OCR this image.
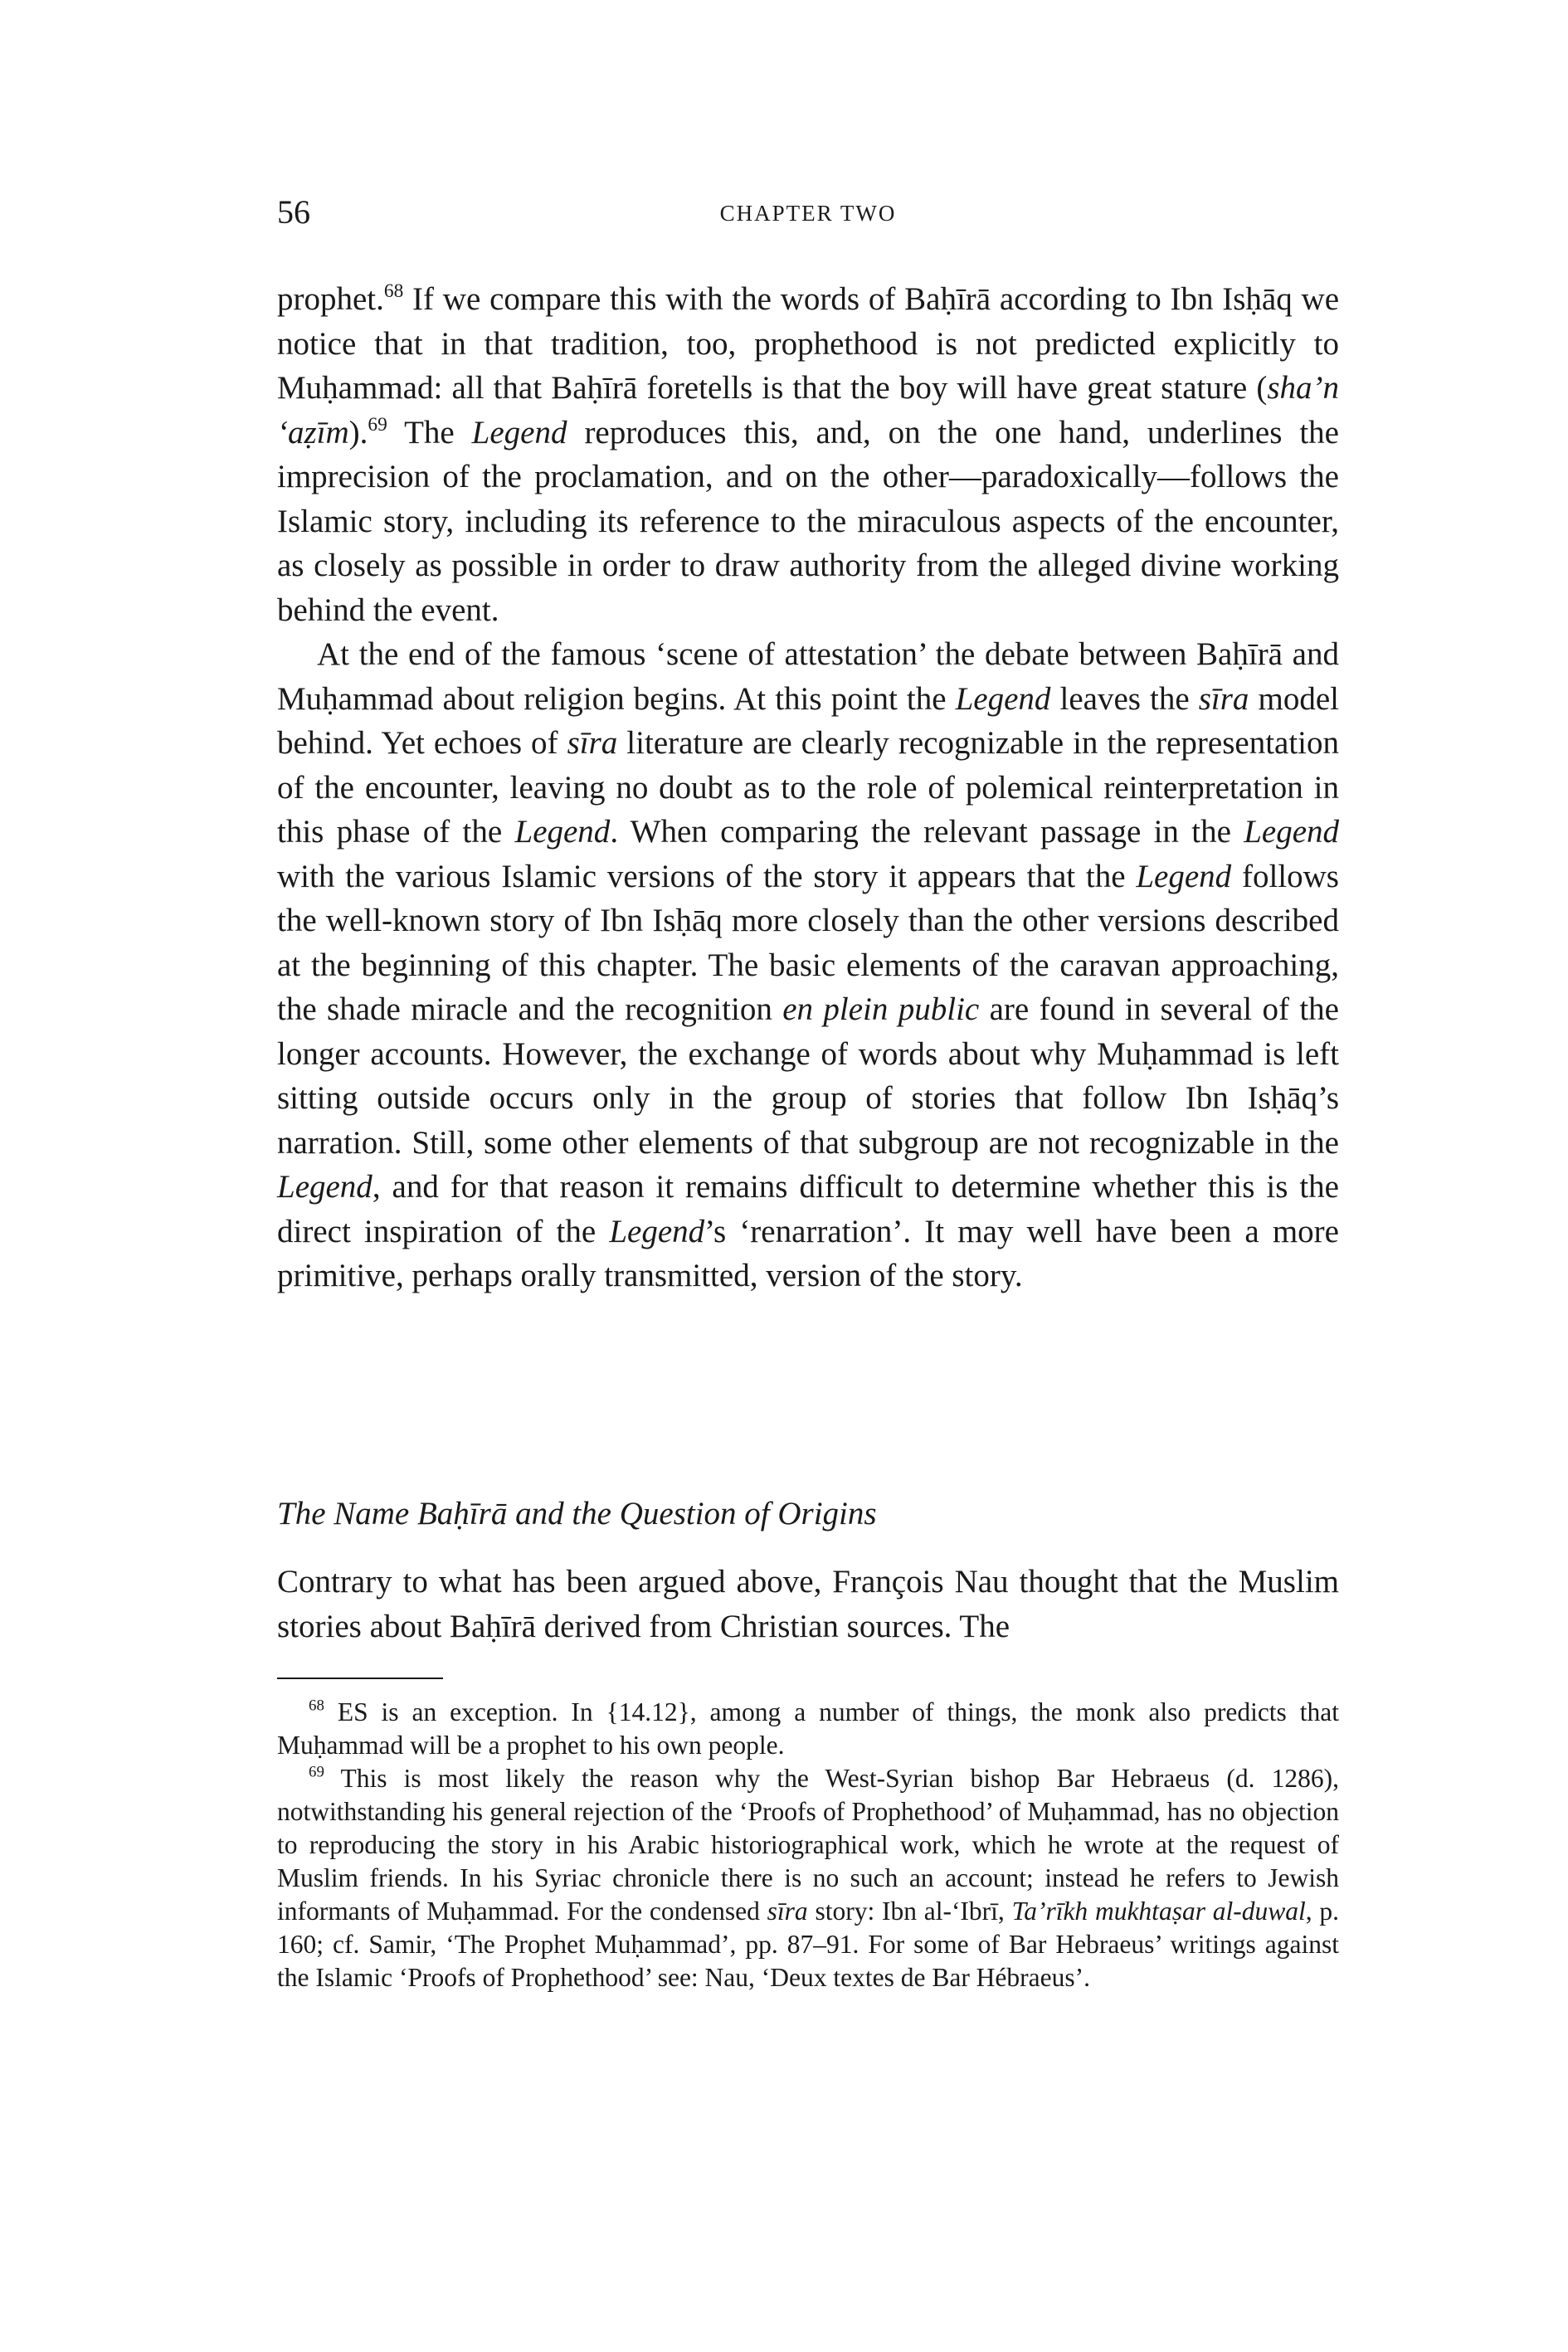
56	CHAPTER TWO

prophet.$^{68}$ If we compare this with the words of Baḥīrā according to Ibn Isḥāq we notice that in that tradition, too, prophethood is not predicted explicitly to Muḥammad: all that Baḥīrā foretells is that the boy will have great stature (sha’n ‘aẓīm).$^{69}$ The Legend reproduces this, and, on the one hand, underlines the imprecision of the proclamation, and on the other—paradoxically—follows the Islamic story, including its reference to the miraculous aspects of the encounter, as closely as possible in order to draw authority from the alleged divine working behind the event.

At the end of the famous ‘scene of attestation’ the debate between Baḥīrā and Muḥammad about religion begins. At this point the Legend leaves the sīra model behind. Yet echoes of sīra literature are clearly recognizable in the representation of the encounter, leaving no doubt as to the role of polemical reinterpretation in this phase of the Legend. When comparing the relevant passage in the Legend with the various Islamic versions of the story it appears that the Legend follows the well-known story of Ibn Isḥāq more closely than the other versions described at the beginning of this chapter. The basic elements of the caravan approaching, the shade miracle and the recognition en plein public are found in several of the longer accounts. However, the exchange of words about why Muḥammad is left sitting outside occurs only in the group of stories that follow Ibn Isḥāq’s narration. Still, some other elements of that subgroup are not recognizable in the Legend, and for that reason it remains difficult to determine whether this is the direct inspiration of the Legend’s ‘renarration’. It may well have been a more primitive, perhaps orally transmitted, version of the story.

The Name Baḥīrā and the Question of Origins

Contrary to what has been argued above, François Nau thought that the Muslim stories about Baḥīrā derived from Christian sources. The

$^{68}$ ES is an exception. In {14.12}, among a number of things, the monk also predicts that Muḥammad will be a prophet to his own people.

$^{69}$ This is most likely the reason why the West-Syrian bishop Bar Hebraeus (d. 1286), notwithstanding his general rejection of the ‘Proofs of Prophethood’ of Muḥammad, has no objection to reproducing the story in his Arabic historiographical work, which he wrote at the request of Muslim friends. In his Syriac chronicle there is no such an account; instead he refers to Jewish informants of Muḥammad. For the condensed sīra story: Ibn al-‘Ibrī, Ta’rīkh mukhtaṣar al-duwal, p. 160; cf. Samir, ‘The Prophet Muḥammad’, pp. 87–91. For some of Bar Hebraeus’ writings against the Islamic ‘Proofs of Prophethood’ see: Nau, ‘Deux textes de Bar Hébraeus’.
